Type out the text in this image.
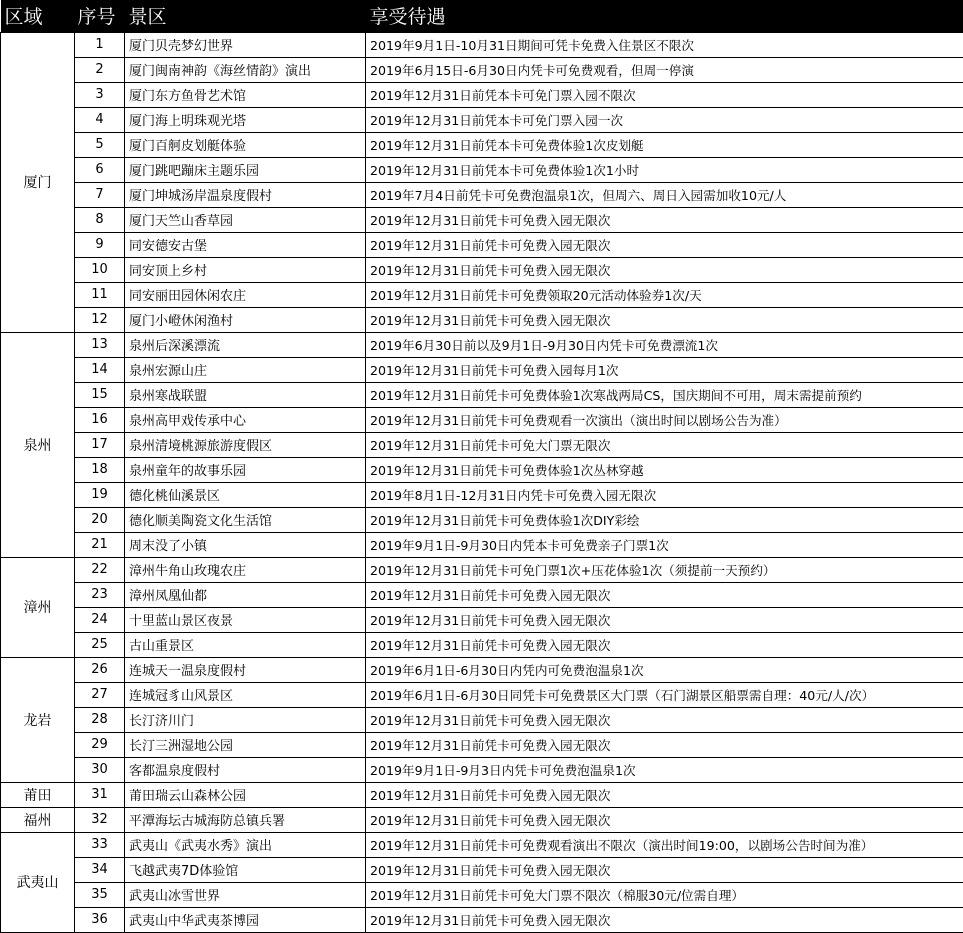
区域	序号	景区	享受待遇
厦门	1	厦门贝壳梦幻世界	2019年9月1日-10月31日期间可凭卡免费入住景区不限次
	2	厦门闽南神韵《海丝情韵》演出	2019年6月15日-6月30日内凭卡可免费观看，但周一停演
	3	厦门东方鱼骨艺术馆	2019年12月31日前凭本卡可免门票入园不限次
	4	厦门海上明珠观光塔	2019年12月31日前凭本卡可免门票入园一次
	5	厦门百舸皮划艇体验	2019年12月31日前凭本卡可免费体验1次皮划艇
	6	厦门跳吧蹦床主题乐园	2019年12月31日前凭本卡可免费体验1次1小时
	7	厦门坤城汤岸温泉度假村	2019年7月4日前凭卡可免费泡温泉1次，但周六、周日入园需加收10元/人
	8	厦门天竺山香草园	2019年12月31日前凭卡可免费入园无限次
	9	同安德安古堡	2019年12月31日前凭卡可免费入园无限次
	10	同安顶上乡村	2019年12月31日前凭卡可免费入园无限次
	11	同安丽田园休闲农庄	2019年12月31日前凭卡可免费领取20元活动体验券1次/天
	12	厦门小嶝休闲渔村	2019年12月31日前凭卡可免费入园无限次
泉州	13	泉州后深溪漂流	2019年6月30日前以及9月1日-9月30日内凭卡可免费漂流1次
	14	泉州宏源山庄	2019年12月31日前凭卡可免费入园每月1次
	15	泉州寒战联盟	2019年12月31日前凭卡可免费体验1次寒战两局CS，国庆期间不可用，周末需提前预约
	16	泉州高甲戏传承中心	2019年12月31日前凭卡可免费观看一次演出（演出时间以剧场公告为准）
	17	泉州清境桃源旅游度假区	2019年12月31日前凭卡可免大门票无限次
	18	泉州童年的故事乐园	2019年12月31日前凭卡可免费体验1次丛林穿越
	19	德化桃仙溪景区	2019年8月1日-12月31日内凭卡可免费入园无限次
	20	德化顺美陶瓷文化生活馆	2019年12月31日前凭卡可免费体验1次DIY彩绘
	21	周末没了小镇	2019年9月1日-9月30日内凭本卡可免费亲子门票1次
漳州	22	漳州牛角山玫瑰农庄	2019年12月31日前凭卡可免门票1次+压花体验1次（须提前一天预约）
	23	漳州凤凰仙都	2019年12月31日前凭卡可免费入园无限次
	24	十里蓝山景区夜景	2019年12月31日前凭卡可免费入园无限次
	25	古山重景区	2019年12月31日前凭卡可免费入园无限次
龙岩	26	连城天一温泉度假村	2019年6月1日-6月30日内凭内可免费泡温泉1次
	27	连城冠豸山风景区	2019年6月1日-6月30日同凭卡可免费景区大门票（石门湖景区船票需自理：40元/人/次）
	28	长汀济川门	2019年12月31日前凭卡可免费入园无限次
	29	长汀三洲湿地公园	2019年12月31日前凭卡可免费入园无限次
	30	客都温泉度假村	2019年9月1日-9月3日内凭卡可免费泡温泉1次
莆田	31	莆田瑞云山森林公园	2019年12月31日前凭卡可免费入园无限次
福州	32	平潭海坛古城海防总镇兵署	2019年12月31日前凭卡可免费入园无限次
武夷山	33	武夷山《武夷水秀》演出	2019年12月31日前凭卡可免费观看演出不限次（演出时间19:00，以剧场公告时间为准）
	34	飞越武夷7D体验馆	2019年12月31日前凭卡可免费入园无限次
	35	武夷山冰雪世界	2019年12月31日前凭卡可免大门票不限次（棉服30元/位需自理）
	36	武夷山中华武夷茶博园	2019年12月31日前凭卡可免费入园无限次
